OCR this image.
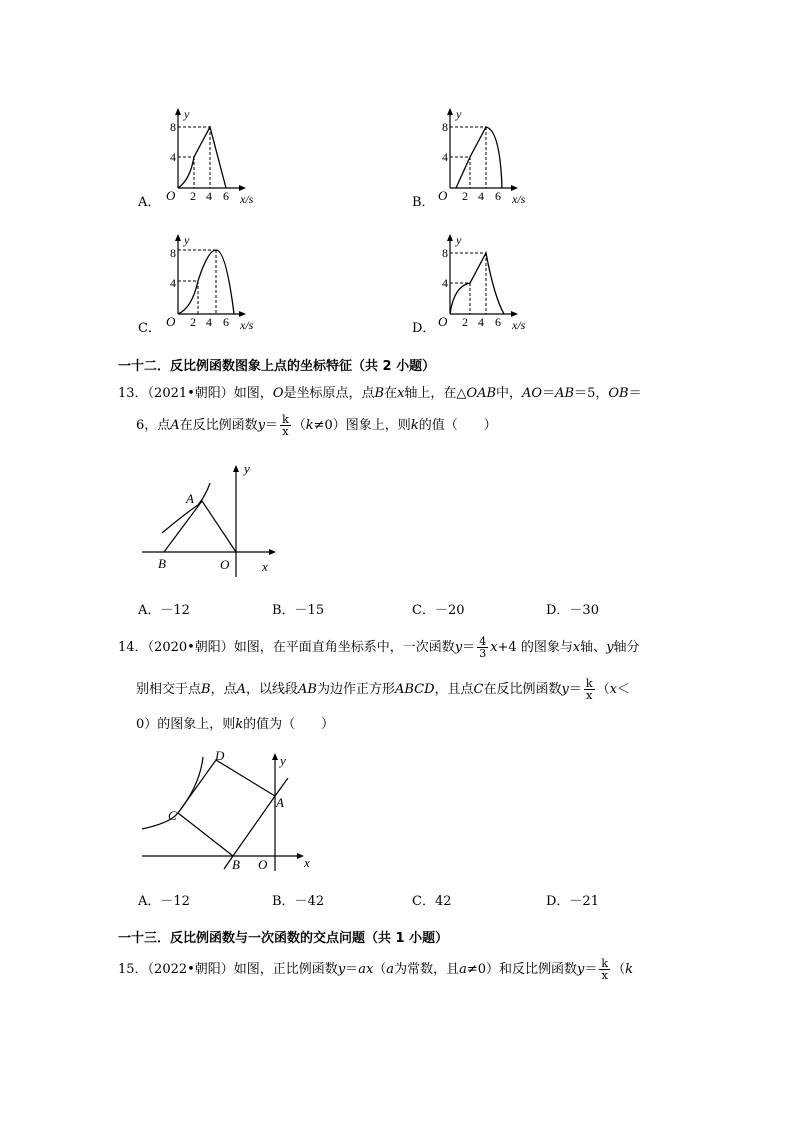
A．
y
8
4
O 2 4 6 x/s	B．
y
8
4
O 2 4 6 x/s
C．
y
8
4
O 2 4 6 x/s	D．
y
8
4
O 2 4 6 x/s
一十二．反比例函数图象上点的坐标特征（共 2 小题）
13．（2021•朝阳）如图，O是坐标原点，点B在x轴上，在△OAB中，AO＝AB＝5，OB＝
6，点A在反比例函数$y= \frac{k}{x} (k\ne 0)$图象上，则k的值（　　）
y
A
B	O	x
A．－12	B．－15	C．－20	D．－30
14．（2020•朝阳）如图，在平面直角坐标系中，一次函数$y= \frac{4}{3} x+4$ 的图象与x轴、y轴分
别相交于点B，点A，以线段AB为边作正方形ABCD，且点C在反比例函数$y= \frac{k}{x} (x<$
0）的图象上，则k的值为（　　）
D	y
A
C
B O	x
A．－12	B．－42	C．42	D．－21
一十三．反比例函数与一次函数的交点问题（共 1 小题）
15．（2022•朝阳）如图，正比例函数y＝ax（a为常数，且a≠0）和反比例函数$y= \frac{k}{x} (k$
